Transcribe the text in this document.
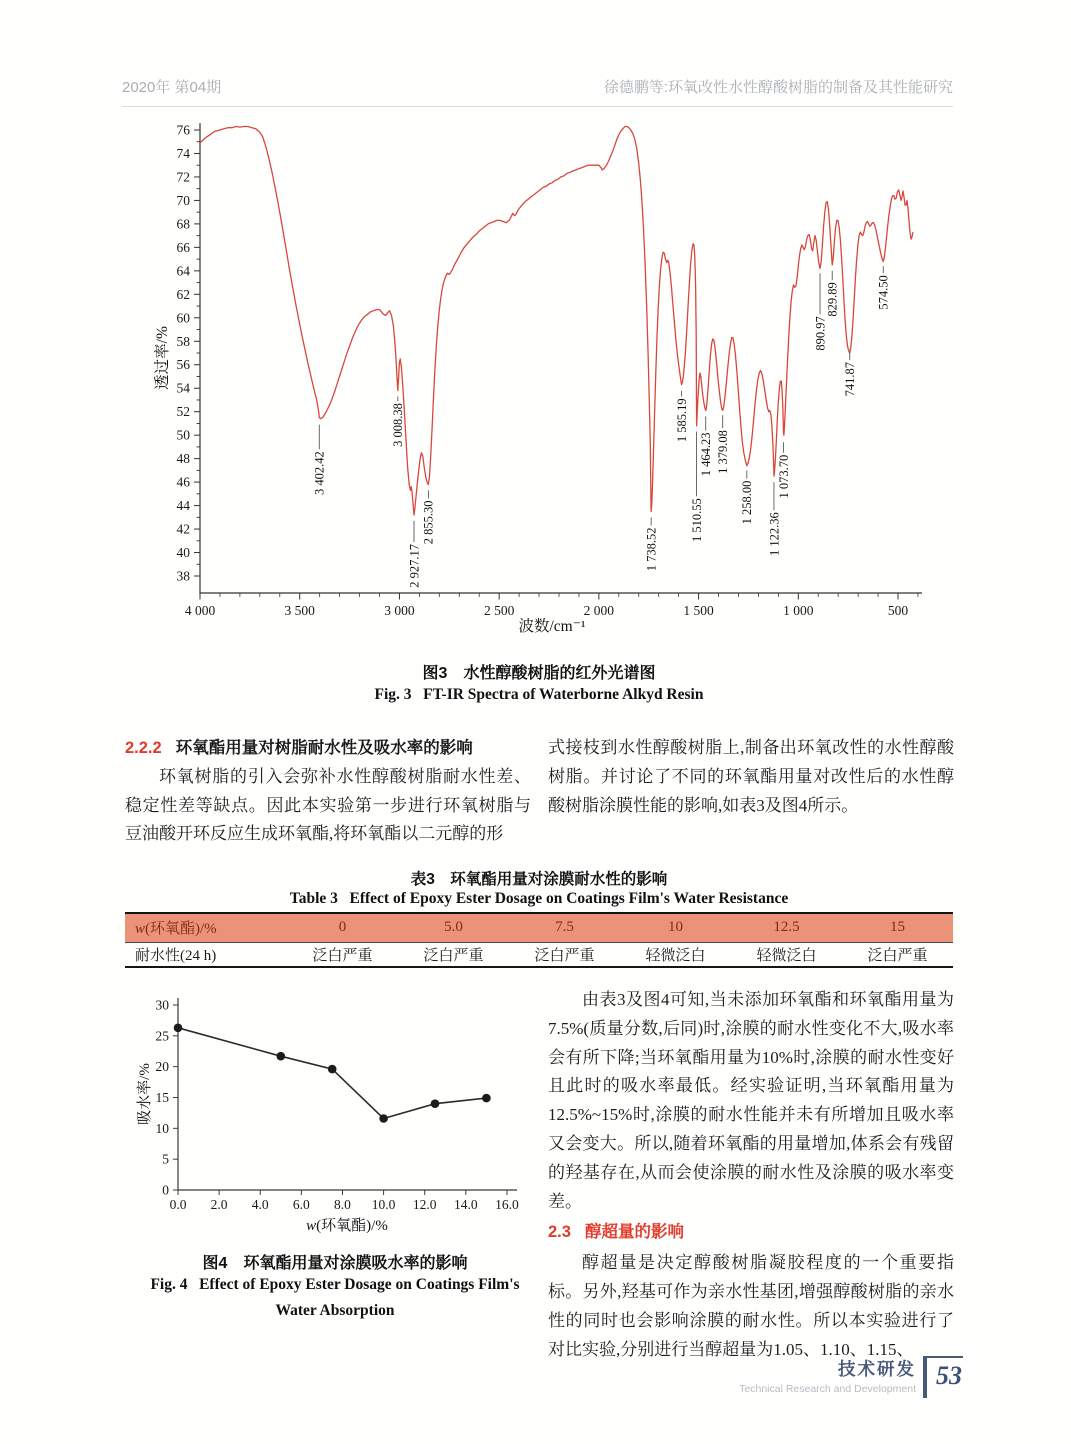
2020年 第04期	徐德鹏等:环氧改性水性醇酸树脂的制备及其性能研究
38
40
42
44
46
48
50
52
54
56
58
60
62
64
66
68
70
72
74
76
4 000	3 500	3 000	2 500	2 000	1 500	1 000	500
透过率/%
波数/cm⁻¹
3 402.42
3 008.38
2 927.17
2 855.30
1 738.52
1 585.19
1 510.55
1 464.23 1 379.08
1 258.00
1 122.36
1 073.70
890.97
829.89
741.87
574.50
图3　水性醇酸树脂的红外光谱图
Fig. 3   FT-IR Spectra of Waterborne Alkyd Resin
2.2.2 环氧酯用量对树脂耐水性及吸水率的影响

环氧树脂的引入会弥补水性醇酸树脂耐水性差、稳定性差等缺点。因此本实验第一步进行环氧树脂与豆油酸开环反应生成环氧酯,将环氧酯以二元醇的形

式接枝到水性醇酸树脂上,制备出环氧改性的水性醇酸树脂。并讨论了不同的环氧酯用量对改性后的水性醇酸树脂涂膜性能的影响,如表3及图4所示。

表3　环氧酯用量对涂膜耐水性的影响
Table 3   Effect of Epoxy Ester Dosage on Coatings Film's Water Resistance
w(环氧酯)/%	0	5.0	7.5	10	12.5	15
耐水性(24 h)	泛白严重	泛白严重	泛白严重	轻微泛白	轻微泛白	泛白严重
0
5
10
15
20
25
30
0.0 2.0 4.0 6.0 8.0 10.0 12.0 14.0 16.0
吸水率/%
w(环氧酯)/%
图4　环氧酯用量对涂膜吸水率的影响
Fig. 4   Effect of Epoxy Ester Dosage on Coatings Film's
Water Absorption

由表3及图4可知,当未添加环氧酯和环氧酯用量为7.5%(质量分数,后同)时,涂膜的耐水性变化不大,吸水率会有所下降;当环氧酯用量为10%时,涂膜的耐水性变好且此时的吸水率最低。经实验证明,当环氧酯用量为12.5%~15%时,涂膜的耐水性能并未有所增加且吸水率又会变大。所以,随着环氧酯的用量增加,体系会有残留的羟基存在,从而会使涂膜的耐水性及涂膜的吸水率变差。

2.3 醇超量的影响

醇超量是决定醇酸树脂凝胶程度的一个重要指标。另外,羟基可作为亲水性基团,增强醇酸树脂的亲水性的同时也会影响涂膜的耐水性。所以本实验进行了对比实验,分别进行当醇超量为1.05、1.10、1.15、

技术研发
Technical Research and Development 53
